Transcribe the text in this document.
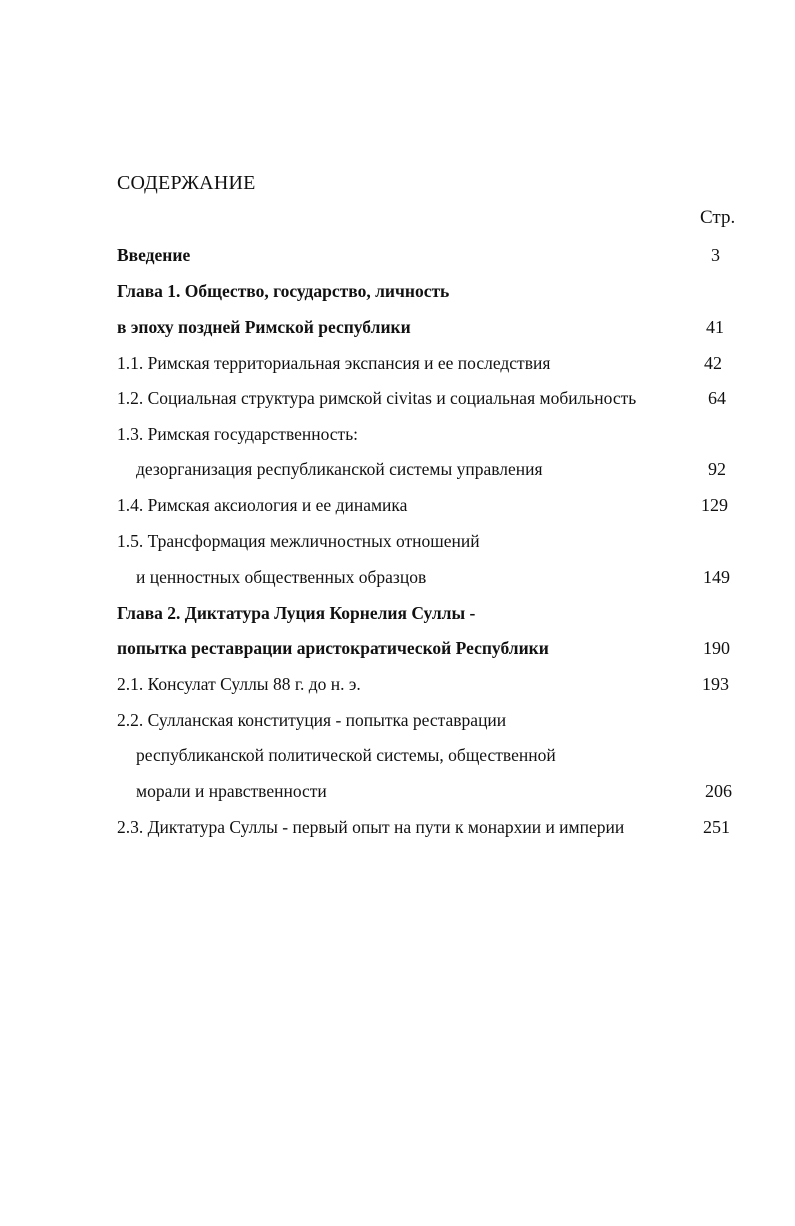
СОДЕРЖАНИЕ
Стр.
Введение	3
Глава 1. Общество, государство, личность
в эпоху поздней Римской республики	41
1.1. Римская территориальная экспансия и ее последствия	42
1.2. Социальная структура римской civitas и социальная мобильность	64
1.3. Римская государственность:
дезорганизация республиканской системы управления	92
1.4. Римская аксиология и ее динамика	129
1.5. Трансформация межличностных отношений
и ценностных общественных образцов	149
Глава 2. Диктатура Луция Корнелия Суллы -
попытка реставрации аристократической Республики	190
2.1. Консулат Суллы 88 г. до н. э.	193
2.2. Сулланская конституция - попытка реставрации
республиканской политической системы, общественной
морали и нравственности	206
2.3. Диктатура Суллы - первый опыт на пути к монархии и империи	251
